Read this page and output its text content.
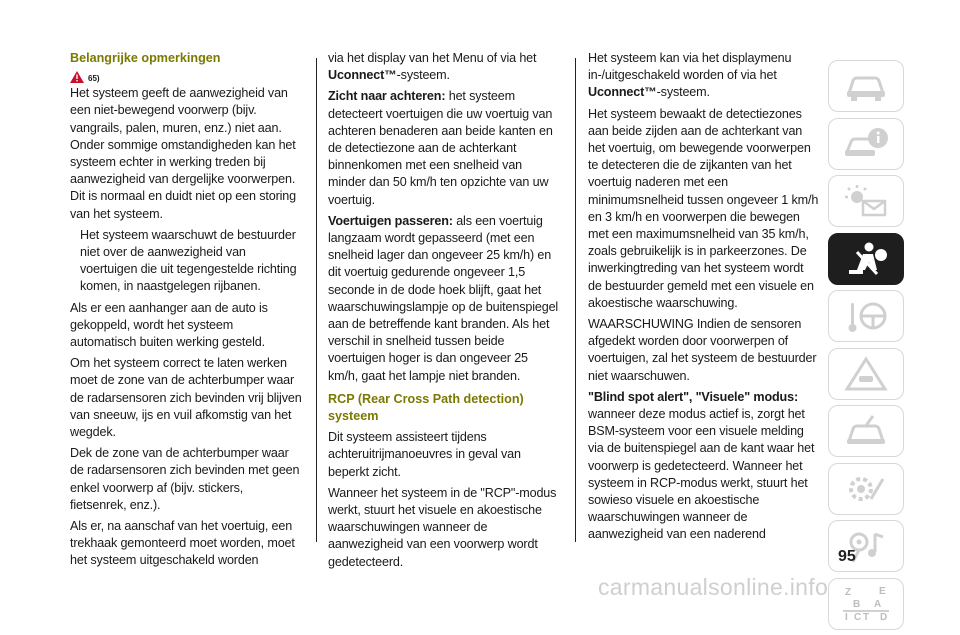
Belangrijke opmerkingen
65)

Het systeem geeft de aanwezigheid van een niet-bewegend voorwerp (bijv. vangrails, palen, muren, enz.) niet aan. Onder sommige omstandigheden kan het systeem echter in werking treden bij aanwezigheid van dergelijke voorwerpen. Dit is normaal en duidt niet op een storing van het systeem.

Het systeem waarschuwt de bestuurder niet over de aanwezigheid van voertuigen die uit tegengestelde richting komen, in naastgelegen rijbanen.

Als er een aanhanger aan de auto is gekoppeld, wordt het systeem automatisch buiten werking gesteld.

Om het systeem correct te laten werken moet de zone van de achterbumper waar de radarsensoren zich bevinden vrij blijven van sneeuw, ijs en vuil afkomstig van het wegdek.

Dek de zone van de achterbumper waar de radarsensoren zich bevinden met geen enkel voorwerp af (bijv. stickers, fietsenrek, enz.).

Als er, na aanschaf van het voertuig, een trekhaak gemonteerd moet worden, moet het systeem uitgeschakeld worden

via het display van het Menu of via het Uconnect™-systeem.

Zicht naar achteren: het systeem detecteert voertuigen die uw voertuig van achteren benaderen aan beide kanten en de detectiezone aan de achterkant binnenkomen met een snelheid van minder dan 50 km/h ten opzichte van uw voertuig.

Voertuigen passeren: als een voertuig langzaam wordt gepasseerd (met een snelheid lager dan ongeveer 25 km/h) en dit voertuig gedurende ongeveer 1,5 seconde in de dode hoek blijft, gaat het waarschuwingslampje op de buitenspiegel aan de betreffende kant branden. Als het verschil in snelheid tussen beide voertuigen hoger is dan ongeveer 25 km/h, gaat het lampje niet branden.

RCP (Rear Cross Path detection) systeem

Dit systeem assisteert tijdens achteruitrijmanoeuvres in geval van beperkt zicht.

Wanneer het systeem in de "RCP"-modus werkt, stuurt het visuele en akoestische waarschuwingen wanneer de aanwezigheid van een voorwerp wordt gedetecteerd.

Het systeem kan via het displaymenu in-/uitgeschakeld worden of via het Uconnect™-systeem.

Het systeem bewaakt de detectiezones aan beide zijden aan de achterkant van het voertuig, om bewegende voorwerpen te detecteren die de zijkanten van het voertuig naderen met een minimumsnelheid tussen ongeveer 1 km/h en 3 km/h en voorwerpen die bewegen met een maximumsnelheid van 35 km/h, zoals gebruikelijk is in parkeerzones. De inwerkingtreding van het systeem wordt de bestuurder gemeld met een visuele en akoestische waarschuwing.

WAARSCHUWING Indien de sensoren afgedekt worden door voorwerpen of voertuigen, zal het systeem de bestuurder niet waarschuwen.

"Blind spot alert", "Visuele" modus: wanneer deze modus actief is, zorgt het BSM-systeem voor een visuele melding via de buitenspiegel aan de kant waar het voorwerp is gedetecteerd. Wanneer het systeem in RCP-modus werkt, stuurt het sowieso visuele en akoestische waarschuwingen wanneer de aanwezigheid van een naderend

Z	E
B A
I C T D
95
carmanualsonline.info
